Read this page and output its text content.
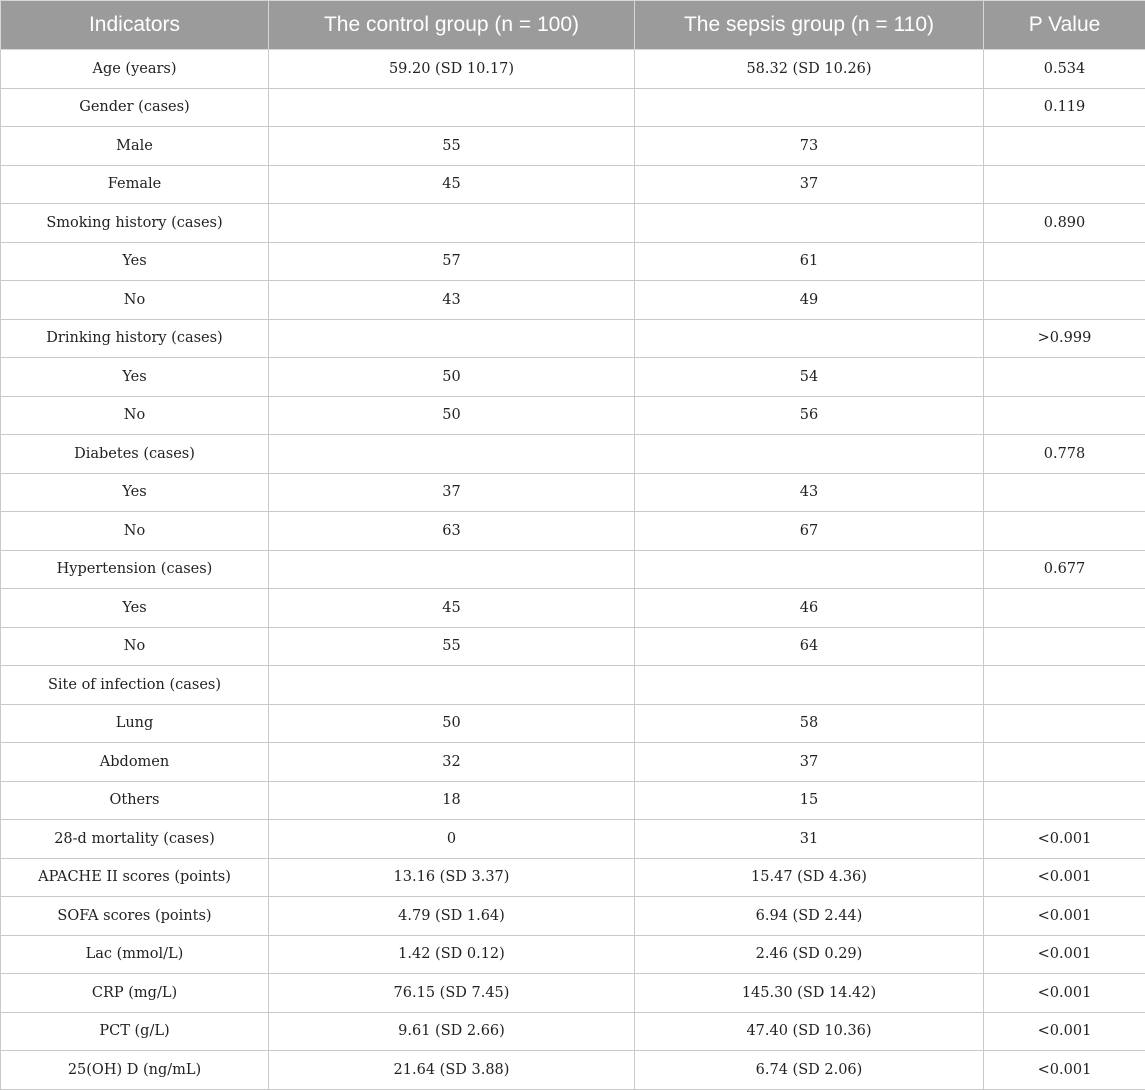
Indicators	The control group (n = 100)	The sepsis group (n = 110)	P Value
Age (years)	59.20 (SD 10.17)	58.32 (SD 10.26)	0.534
Gender (cases)			0.119
Male	55	73	
Female	45	37	
Smoking history (cases)			0.890
Yes	57	61	
No	43	49	
Drinking history (cases)			>0.999
Yes	50	54	
No	50	56	
Diabetes (cases)			0.778
Yes	37	43	
No	63	67	
Hypertension (cases)			0.677
Yes	45	46	
No	55	64	
Site of infection (cases)			
Lung	50	58	
Abdomen	32	37	
Others	18	15	
28-d mortality (cases)	0	31	<0.001
APACHE II scores (points)	13.16 (SD 3.37)	15.47 (SD 4.36)	<0.001
SOFA scores (points)	4.79 (SD 1.64)	6.94 (SD 2.44)	<0.001
Lac (mmol/L)	1.42 (SD 0.12)	2.46 (SD 0.29)	<0.001
CRP (mg/L)	76.15 (SD 7.45)	145.30 (SD 14.42)	<0.001
PCT (g/L)	9.61 (SD 2.66)	47.40 (SD 10.36)	<0.001
25(OH) D (ng/mL)	21.64 (SD 3.88)	6.74 (SD 2.06)	<0.001
